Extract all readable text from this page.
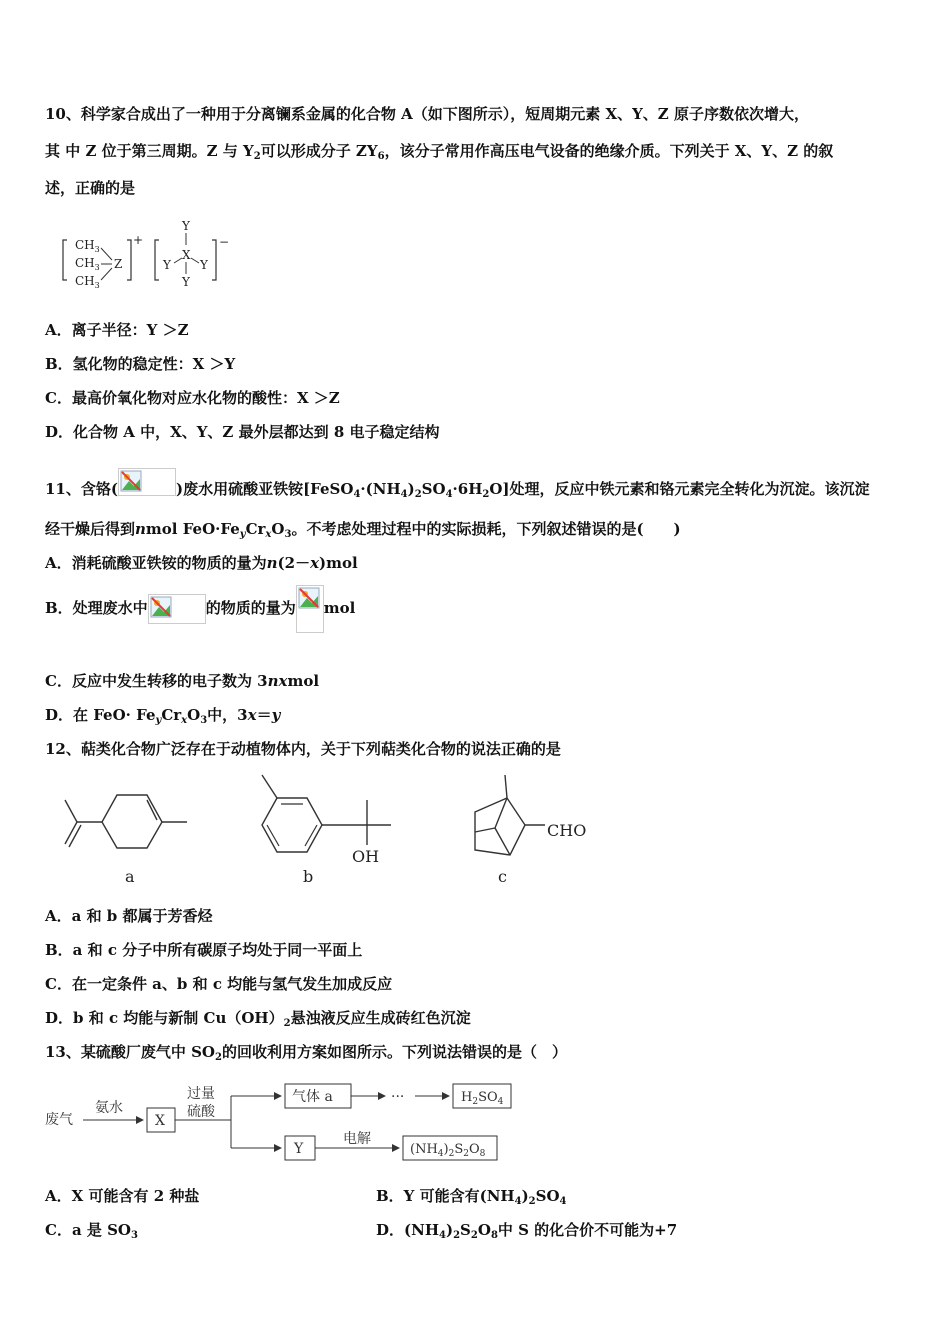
10、科学家合成出了一种用于分离镧系金属的化合物 A（如下图所示），短周期元素 X、Y、Z 原子序数依次增大，
其 中 Z 位于第三周期。Z 与 $Y_2$可以形成分子 $ZY_6$，该分子常用作高压电气设备的绝缘介质。下列关于 X、Y、Z 的叙
述，正确的是
$CH_3$
$CH_3$
$CH_3$
Z
+
Y
X
Y Y
Y
−
A．离子半径：Y ＞Z
B．氢化物的稳定性：X ＞Y
C．最高价氧化物对应水化物的酸性：X ＞Z
D．化合物 A 中，X、Y、Z 最外层都达到 8 电子稳定结构
11、含铬(	)废水用硫酸亚铁铵$[FeSO_4\cdot(NH_4)_2SO_4\cdot 6H_2O]$处理，反应中铁元素和铬元素完全转化为沉淀。该沉淀
经干燥后得到nmol $FeO\cdot Fe_yCr_xO_3$。不考虑处理过程中的实际损耗，下列叙述错误的是(　　)
A．消耗硫酸亚铁铵的物质的量为n(2－x)mol
B．处理废水中	的物质的量为 mol
C．反应中发生转移的电子数为 3nxmol
D．在 $FeO\cdot Fe_yCr_xO_3$中，3x＝y
12、萜类化合物广泛存在于动植物体内，关于下列萜类化合物的说法正确的是
a	b	c
OH
CHO
A．a 和 b 都属于芳香烃
B．a 和 c 分子中所有碳原子均处于同一平面上
C．在一定条件 a、b 和 c 均能与氢气发生加成反应
D．b 和 c 均能与新制 $Cu(OH)_2$悬浊液反应生成砖红色沉淀
13、某硫酸厂废气中 $SO_2$的回收利用方案如图所示。下列说法错误的是（　）
废气
氨水
X
过量
硫酸
气体 a	···	$H_2SO_4$
Y
电解
$(NH_4)_2S_2O_8$
A．X 可能含有 2 种盐	B．Y 可能含有$(NH_4)_2SO_4$
C．a 是 $SO_3$	D．$(NH_4)_2S_2O_8$中 S 的化合价不可能为+7
